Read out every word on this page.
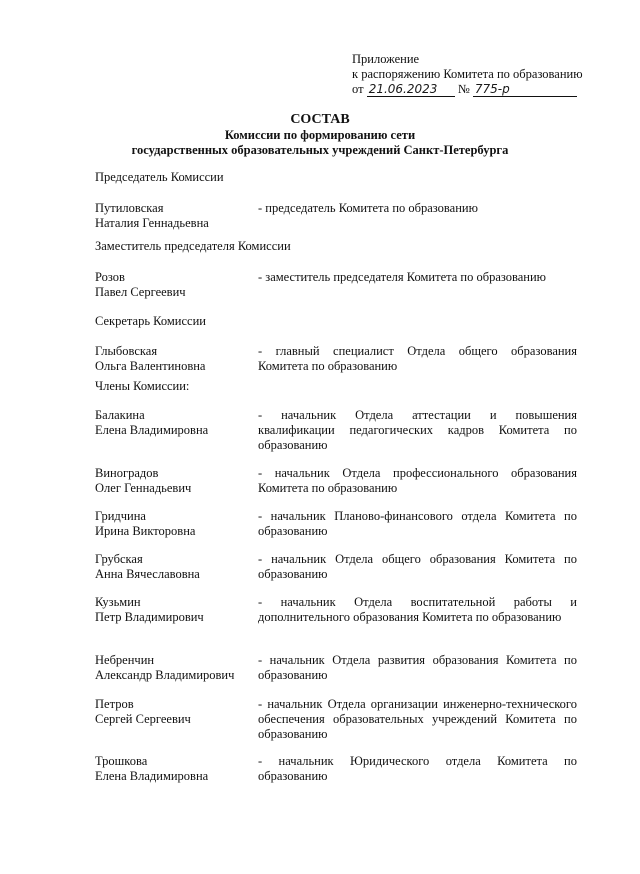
Приложение
к распоряжению Комитета по образованию
от 21.06.2023 № 775-р
СОСТАВ
Комиссии по формированию сети
государственных образовательных учреждений Санкт-Петербурга
Председатель Комиссии
Путиловская
Наталия Геннадьевна
- председатель Комитета по образованию
Заместитель председателя Комиссии
Розов
Павел Сергеевич
- заместитель председателя Комитета по образованию
Секретарь Комиссии
Глыбовская
Ольга Валентиновна
- главный специалист Отдела общего образования Комитета по образованию
Члены Комиссии:
Балакина
Елена Владимировна
- начальник Отдела аттестации и повышения квалификации педагогических кадров Комитета по образованию
Виноградов
Олег Геннадьевич
- начальник Отдела профессионального образования Комитета по образованию
Гридчина
Ирина Викторовна
- начальник Планово-финансового отдела Комитета по образованию
Грубская
Анна Вячеславовна
- начальник Отдела общего образования Комитета по образованию
Кузьмин
Петр Владимирович
- начальник Отдела воспитательной работы и дополнительного образования Комитета по образованию
Небренчин
Александр Владимирович
- начальник Отдела развития образования Комитета по образованию
Петров
Сергей Сергеевич
- начальник Отдела организации инженерно-технического обеспечения образовательных учреждений Комитета по образованию
Трошкова
Елена Владимировна
- начальник Юридического отдела Комитета по образованию
